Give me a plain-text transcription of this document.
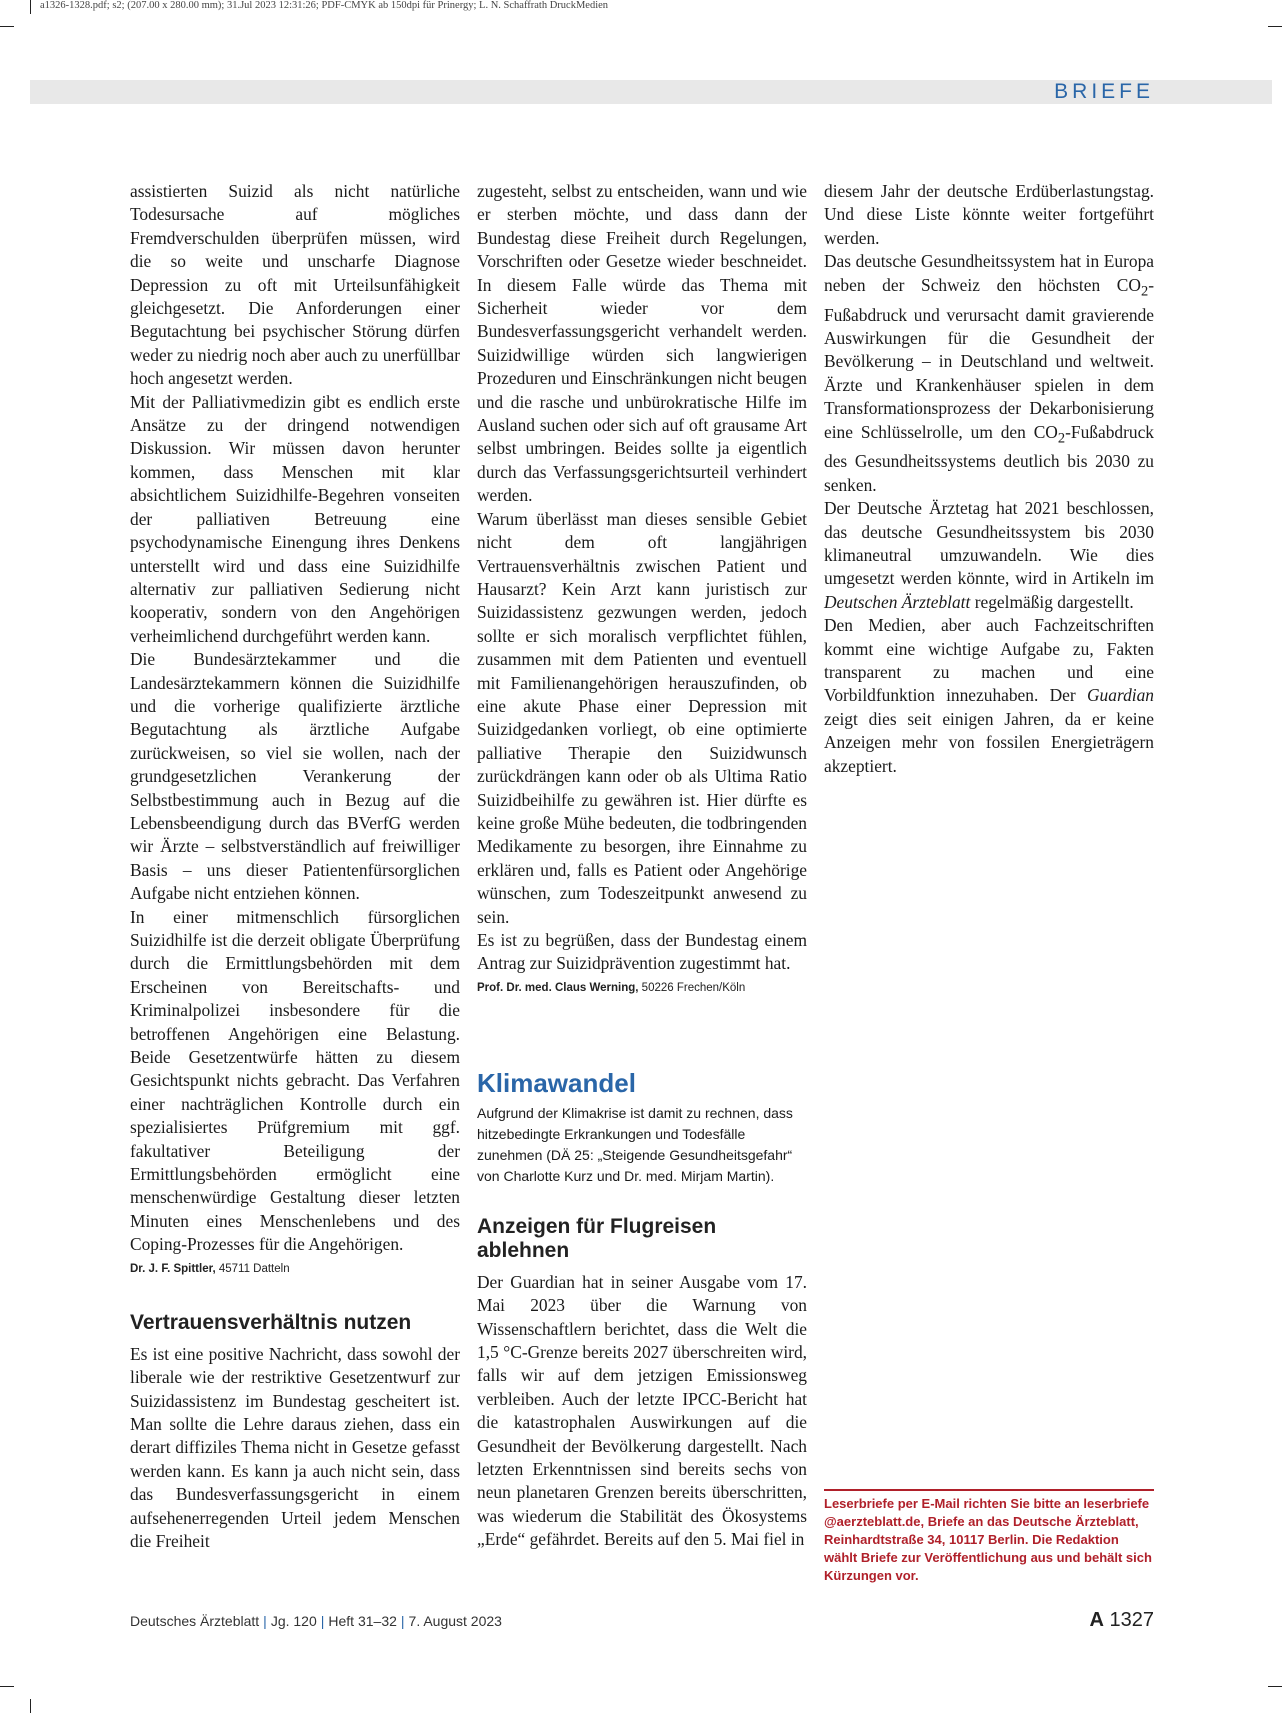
a1326-1328.pdf; s2; (207.00 x 280.00 mm); 31.Jul 2023 12:31:26; PDF-CMYK ab 150dpi für Prinergy; L. N. Schaffrath DruckMedien
BRIEFE

assistierten Suizid als nicht natürliche Todesursache auf mögliches Fremdverschulden überprüfen müssen, wird die so weite und unscharfe Diagnose Depression zu oft mit Urteilsunfähigkeit gleichgesetzt. Die Anforderungen einer Begutachtung bei psychischer Störung dürfen weder zu niedrig noch aber auch zu unerfüllbar hoch angesetzt werden.

Mit der Palliativmedizin gibt es endlich erste Ansätze zu der dringend notwendigen Diskussion. Wir müssen davon herunter kommen, dass Menschen mit klar absichtlichem Suizidhilfe-Begehren vonseiten der palliativen Betreuung eine psychodynamische Einengung ihres Denkens unterstellt wird und dass eine Suizidhilfe alternativ zur palliativen Sedierung nicht kooperativ, sondern von den Angehörigen verheimlichend durchgeführt werden kann.

Die Bundesärztekammer und die Landesärztekammern können die Suizidhilfe und die vorherige qualifizierte ärztliche Begutachtung als ärztliche Aufgabe zurückweisen, so viel sie wollen, nach der grundgesetzlichen Verankerung der Selbstbestimmung auch in Bezug auf die Lebensbeendigung durch das BVerfG werden wir Ärzte – selbstverständlich auf freiwilliger Basis – uns dieser Patientenfürsorglichen Aufgabe nicht entziehen können.

In einer mitmenschlich fürsorglichen Suizidhilfe ist die derzeit obligate Überprüfung durch die Ermittlungsbehörden mit dem Erscheinen von Bereitschafts- und Kriminalpolizei insbesondere für die betroffenen Angehörigen eine Belastung. Beide Gesetzentwürfe hätten zu diesem Gesichtspunkt nichts gebracht. Das Verfahren einer nachträglichen Kontrolle durch ein spezialisiertes Prüfgremium mit ggf. fakultativer Beteiligung der Ermittlungsbehörden ermöglicht eine menschenwürdige Gestaltung dieser letzten Minuten eines Menschenlebens und des Coping-Prozesses für die Angehörigen.

Dr. J. F. Spittler, 45711 Datteln

Vertrauensverhältnis nutzen

Es ist eine positive Nachricht, dass sowohl der liberale wie der restriktive Gesetzentwurf zur Suizidassistenz im Bundestag gescheitert ist. Man sollte die Lehre daraus ziehen, dass ein derart diffiziles Thema nicht in Gesetze gefasst werden kann. Es kann ja auch nicht sein, dass das Bundesverfassungsgericht in einem aufsehenerregenden Urteil jedem Menschen die Freiheit

zugesteht, selbst zu entscheiden, wann und wie er sterben möchte, und dass dann der Bundestag diese Freiheit durch Regelungen, Vorschriften oder Gesetze wieder beschneidet. In diesem Falle würde das Thema mit Sicherheit wieder vor dem Bundesverfassungsgericht verhandelt werden. Suizidwillige würden sich langwierigen Prozeduren und Einschränkungen nicht beugen und die rasche und unbürokratische Hilfe im Ausland suchen oder sich auf oft grausame Art selbst umbringen. Beides sollte ja eigentlich durch das Verfassungsgerichtsurteil verhindert werden.

Warum überlässt man dieses sensible Gebiet nicht dem oft langjährigen Vertrauensverhältnis zwischen Patient und Hausarzt? Kein Arzt kann juristisch zur Suizidassistenz gezwungen werden, jedoch sollte er sich moralisch verpflichtet fühlen, zusammen mit dem Patienten und eventuell mit Familienangehörigen herauszufinden, ob eine akute Phase einer Depression mit Suizidgedanken vorliegt, ob eine optimierte palliative Therapie den Suizidwunsch zurückdrängen kann oder ob als Ultima Ratio Suizidbeihilfe zu gewähren ist. Hier dürfte es keine große Mühe bedeuten, die todbringenden Medikamente zu besorgen, ihre Einnahme zu erklären und, falls es Patient oder Angehörige wünschen, zum Todeszeitpunkt anwesend zu sein.

Es ist zu begrüßen, dass der Bundestag einem Antrag zur Suizidprävention zugestimmt hat.

Prof. Dr. med. Claus Werning, 50226 Frechen/Köln

Klimawandel

Aufgrund der Klimakrise ist damit zu rechnen, dass hitzebedingte Erkrankungen und Todesfälle zunehmen (DÄ 25: „Steigende Gesundheitsgefahr“ von Charlotte Kurz und Dr. med. Mirjam Martin).

Anzeigen für Flugreisen ablehnen

Der Guardian hat in seiner Ausgabe vom 17. Mai 2023 über die Warnung von Wissenschaftlern berichtet, dass die Welt die 1,5 °C-Grenze bereits 2027 überschreiten wird, falls wir auf dem jetzigen Emissionsweg verbleiben. Auch der letzte IPCC-Bericht hat die katastrophalen Auswirkungen auf die Gesundheit der Bevölkerung dargestellt. Nach letzten Erkenntnissen sind bereits sechs von neun planetaren Grenzen bereits überschritten, was wiederum die Stabilität des Ökosystems „Erde“ gefährdet. Bereits auf den 5. Mai fiel in

diesem Jahr der deutsche Erdüberlastungstag. Und diese Liste könnte weiter fortgeführt werden.

Das deutsche Gesundheitssystem hat in Europa neben der Schweiz den höchsten $CO_2$-Fußabdruck und verursacht damit gravierende Auswirkungen für die Gesundheit der Bevölkerung – in Deutschland und weltweit. Ärzte und Krankenhäuser spielen in dem Transformationsprozess der Dekarbonisierung eine Schlüsselrolle, um den $CO_2$-Fußabdruck des Gesundheitssystems deutlich bis 2030 zu senken.

Der Deutsche Ärztetag hat 2021 beschlossen, das deutsche Gesundheitssystem bis 2030 klimaneutral umzuwandeln. Wie dies umgesetzt werden könnte, wird in Artikeln im Deutschen Ärzteblatt regelmäßig dargestellt.

Den Medien, aber auch Fachzeitschriften kommt eine wichtige Aufgabe zu, Fakten transparent zu machen und eine Vorbildfunktion innezuhaben. Der Guardian zeigt dies seit einigen Jahren, da er keine Anzeigen mehr von fossilen Energieträgern akzeptiert.

Leserbriefe per E-Mail richten Sie bitte an leserbriefe @aerzteblatt.de, Briefe an das Deutsche Ärzteblatt, Reinhardtstraße 34, 10117 Berlin. Die Redaktion wählt Briefe zur Veröffentlichung aus und behält sich Kürzungen vor.
Deutsches Ärzteblatt | Jg. 120 | Heft 31–32 | 7. August 2023	A 1327
